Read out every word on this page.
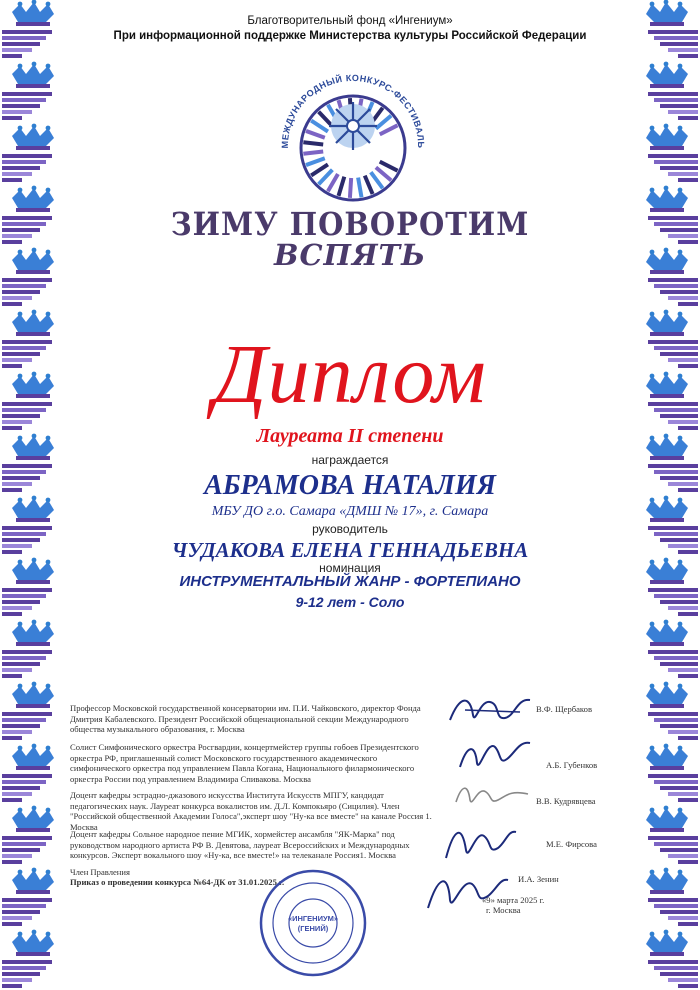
Благотворительный фонд «Ингениум»
При информационной поддержке Министерства культуры Российской Федерации
МЕЖДУНАРОДНЫЙ КОНКУРС-ФЕСТИВАЛЬ
ЗИМУ ПОВОРОТИМ
ВСПЯТЬ
Диплом
Лауреата II степени
награждается
АБРАМОВА НАТАЛИЯ
МБУ ДО г.о. Самара «ДМШ № 17», г. Самара
руководитель
ЧУДАКОВА ЕЛЕНА ГЕННАДЬЕВНА
номинация
ИНСТРУМЕНТАЛЬНЫЙ ЖАНР - ФОРТЕПИАНО
9-12 лет - Соло
Профессор Московской государственной консерватории им. П.И. Чайковского, директор Фонда Дмитрия Кабалевского. Президент Российской общенациональной секции Международного общества музыкального образования, г. Москва
В.Ф. Щербаков
Солист Симфонического оркестра Росгвардии, концертмейстер группы гобоев Президентского оркестра РФ, приглашенный солист Московского государственного академического симфонического оркестра под управлением Павла Когана, Национального филармонического оркестра России под управлением Владимира Спивакова. Москва
А.Б. Губенков
Доцент кафедры эстрадно-джазового искусства Института Искусств МПГУ, кандидат педагогических наук. Лауреат конкурса вокалистов им. Д.Л. Компокьяро (Сицилия). Член "Российской общественной Академии Голоса",эксперт шоу "Ну-ка все вместе" на канале Россия 1. Москва
В.В. Кудрявцева
Доцент кафедры Сольное народное пение МГИК, хормейстер ансамбля "ЯК-Марка" под руководством народного артиста РФ В. Девятова, лауреат Всероссийских и Международных конкурсов. Эксперт вокального шоу «Ну-ка, все вместе!» на телеканале Россия1. Москва
М.Е. Фирсова
Член Правления
Приказ о проведении конкурса №64-ДК от 31.01.2025 г.	И.А. Зенин
«9» марта 2025 г.
г. Москва
«ИНГЕНИУМ»
(ГЕНИЙ)
